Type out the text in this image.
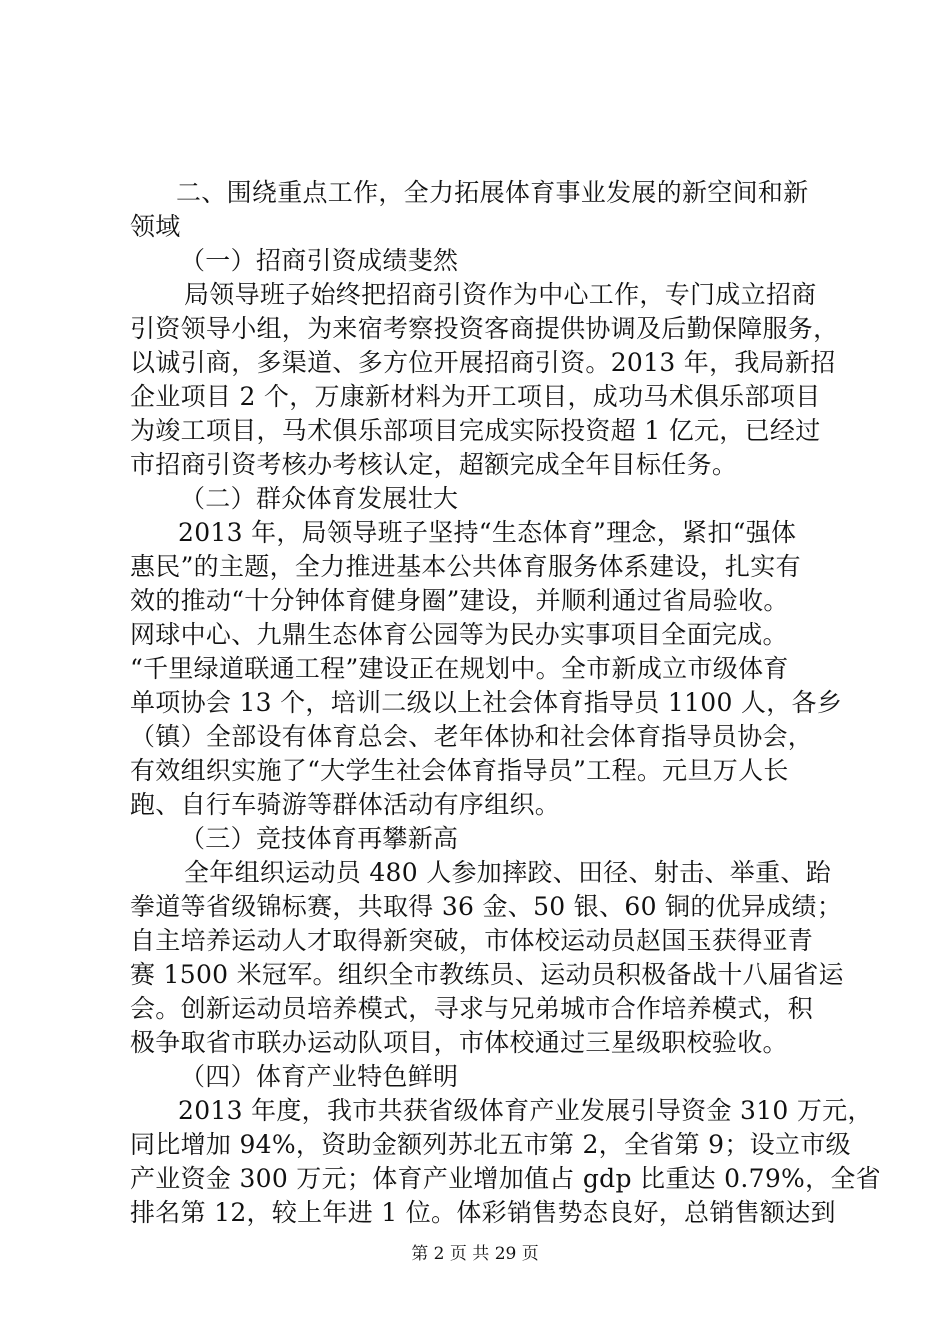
二、围绕重点工作，全力拓展体育事业发展的新空间和新
领域
（一）招商引资成绩斐然
局领导班子始终把招商引资作为中心工作，专门成立招商
引资领导小组，为来宿考察投资客商提供协调及后勤保障服务，
以诚引商，多渠道、多方位开展招商引资。2013 年，我局新招
企业项目 2 个，万康新材料为开工项目，成功马术俱乐部项目
为竣工项目，马术俱乐部项目完成实际投资超 1 亿元，已经过
市招商引资考核办考核认定，超额完成全年目标任务。
（二）群众体育发展壮大
2013 年，局领导班子坚持“生态体育”理念，紧扣“强体
惠民”的主题，全力推进基本公共体育服务体系建设，扎实有
效的推动“十分钟体育健身圈”建设，并顺利通过省局验收。
网球中心、九鼎生态体育公园等为民办实事项目全面完成。
“千里绿道联通工程”建设正在规划中。全市新成立市级体育
单项协会 13 个，培训二级以上社会体育指导员 1100 人，各乡
（镇）全部设有体育总会、老年体协和社会体育指导员协会，
有效组织实施了“大学生社会体育指导员”工程。元旦万人长
跑、自行车骑游等群体活动有序组织。
（三）竞技体育再攀新高
全年组织运动员 480 人参加摔跤、田径、射击、举重、跆
拳道等省级锦标赛，共取得 36 金、50 银、60 铜的优异成绩；
自主培养运动人才取得新突破，市体校运动员赵国玉获得亚青
赛 1500 米冠军。组织全市教练员、运动员积极备战十八届省运
会。创新运动员培养模式，寻求与兄弟城市合作培养模式，积
极争取省市联办运动队项目，市体校通过三星级职校验收。
（四）体育产业特色鲜明
2013 年度，我市共获省级体育产业发展引导资金 310 万元，
同比增加 94%，资助金额列苏北五市第 2，全省第 9；设立市级
产业资金 300 万元；体育产业增加值占 gdp 比重达 0.79%，全省
排名第 12，较上年进 1 位。体彩销售势态良好，总销售额达到
第 2 页 共 29 页
